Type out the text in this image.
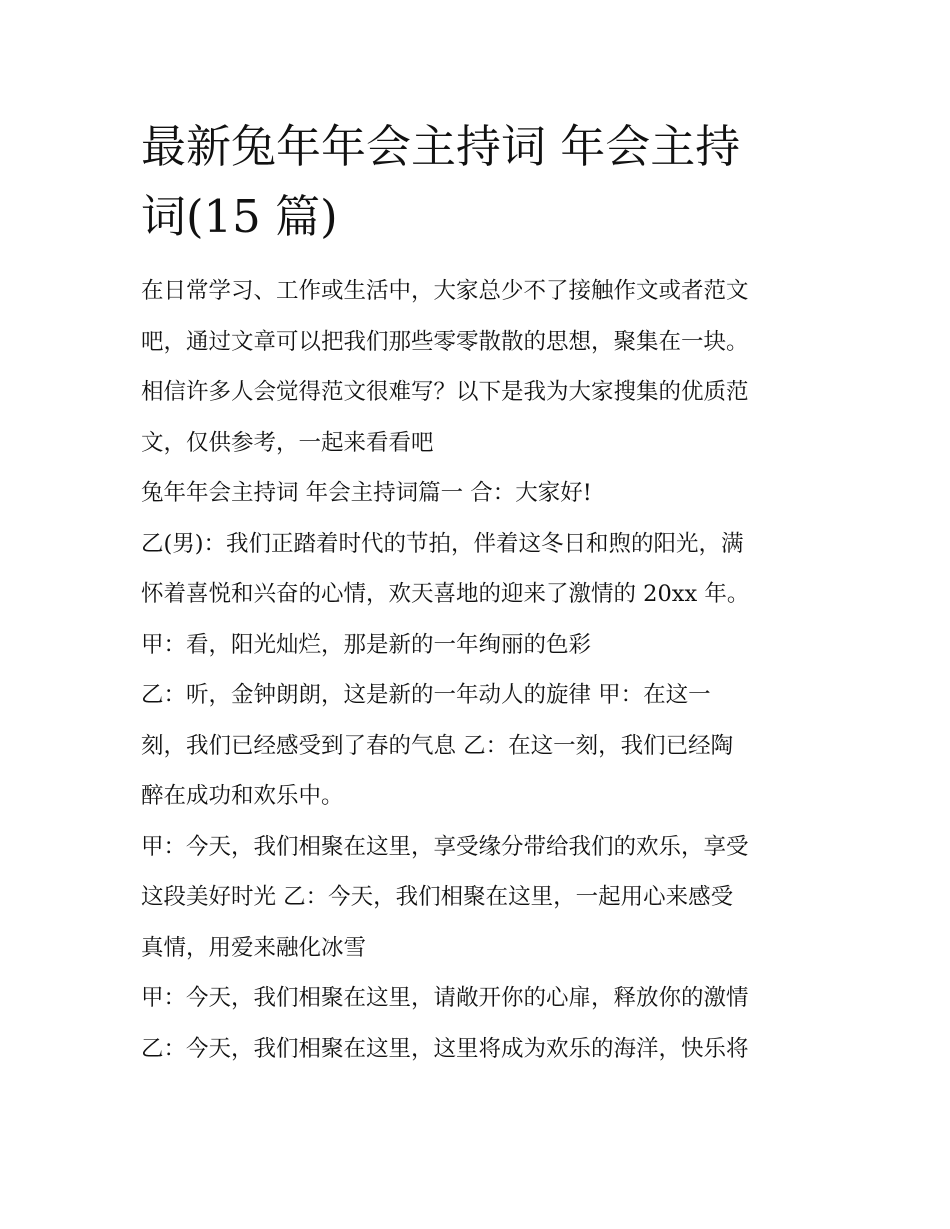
最新兔年年会主持词 年会主持
词(15 篇)
在日常学习、工作或生活中，大家总少不了接触作文或者范文
吧，通过文章可以把我们那些零零散散的思想，聚集在一块。
相信许多人会觉得范文很难写？以下是我为大家搜集的优质范
文，仅供参考，一起来看看吧
兔年年会主持词 年会主持词篇一 合：大家好!
乙(男)：我们正踏着时代的节拍，伴着这冬日和煦的阳光，满
怀着喜悦和兴奋的心情，欢天喜地的迎来了激情的 20xx 年。
甲：看，阳光灿烂，那是新的一年绚丽的色彩
乙：听，金钟朗朗，这是新的一年动人的旋律 甲：在这一
刻，我们已经感受到了春的气息 乙：在这一刻，我们已经陶
醉在成功和欢乐中。
甲：今天，我们相聚在这里，享受缘分带给我们的欢乐，享受
这段美好时光 乙：今天，我们相聚在这里，一起用心来感受
真情，用爱来融化冰雪
甲：今天，我们相聚在这里，请敞开你的心扉，释放你的激情
乙：今天，我们相聚在这里，这里将成为欢乐的海洋，快乐将
